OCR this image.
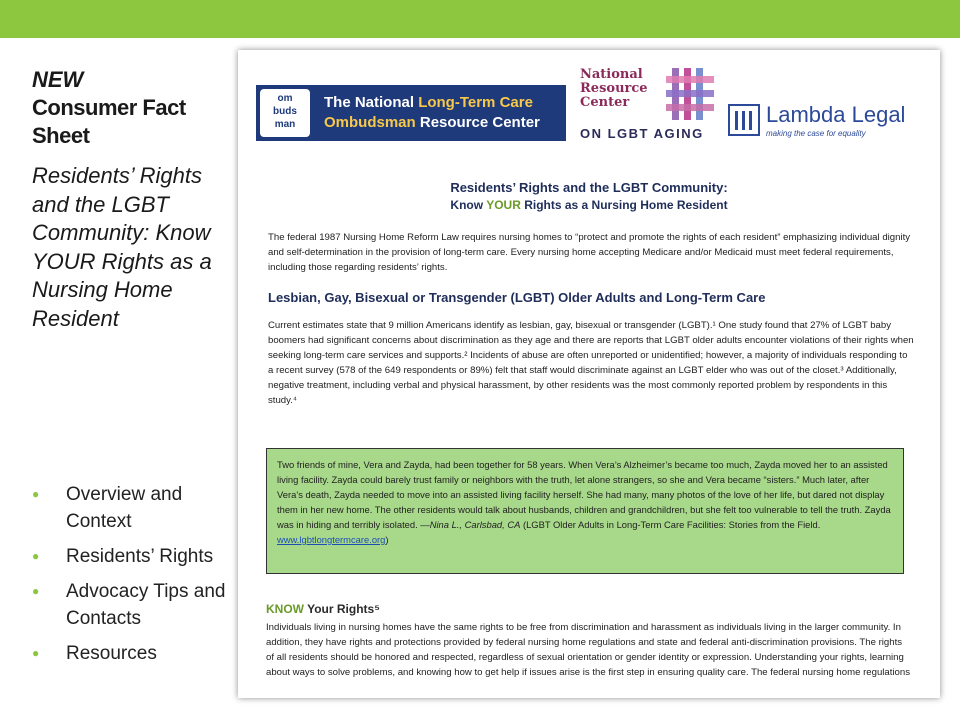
NEW
Consumer Fact Sheet
Residents’ Rights and the LGBT Community: Know YOUR Rights as a Nursing Home Resident
● Overview and Context
● Residents’ Rights
● Advocacy Tips and Contacts
● Resources
om
buds
man
The National Long-Term Care
Ombudsman Resource Center
National
Resource
Center
ON LGBT AGING
Lambda Legal
making the case for equality
Residents’ Rights and the LGBT Community:
Know YOUR Rights as a Nursing Home Resident

The federal 1987 Nursing Home Reform Law requires nursing homes to “protect and promote the rights of each resident” emphasizing individual dignity and self-determination in the provision of long-term care. Every nursing home accepting Medicare and/or Medicaid must meet federal requirements, including those regarding residents’ rights.

Lesbian, Gay, Bisexual or Transgender (LGBT) Older Adults and Long-Term Care

Current estimates state that 9 million Americans identify as lesbian, gay, bisexual or transgender (LGBT).¹ One study found that 27% of LGBT baby boomers had significant concerns about discrimination as they age and there are reports that LGBT older adults encounter violations of their rights when seeking long-term care services and supports.² Incidents of abuse are often unreported or unidentified; however, a majority of individuals responding to a recent survey (578 of the 649 respondents or 89%) felt that staff would discriminate against an LGBT elder who was out of the closet.³ Additionally, negative treatment, including verbal and physical harassment, by other residents was the most commonly reported problem by respondents in this study.⁴

Two friends of mine, Vera and Zayda, had been together for 58 years. When Vera’s Alzheimer’s became too much, Zayda moved her to an assisted living facility. Zayda could barely trust family or neighbors with the truth, let alone strangers, so she and Vera became “sisters.” Much later, after Vera’s death, Zayda needed to move into an assisted living facility herself. She had many, many photos of the love of her life, but dared not display them in her new home. The other residents would talk about husbands, children and grandchildren, but she felt too vulnerable to tell the truth. Zayda was in hiding and terribly isolated. —Nina L., Carlsbad, CA (LGBT Older Adults in Long-Term Care Facilities: Stories from the Field. www.lgbtlongtermcare.org)
KNOW Your Rights⁵

Individuals living in nursing homes have the same rights to be free from discrimination and harassment as individuals living in the larger community. In addition, they have rights and protections provided by federal nursing home regulations and state and federal anti-discrimination provisions. The rights of all residents should be honored and respected, regardless of sexual orientation or gender identity or expression. Understanding your rights, learning about ways to solve problems, and knowing how to get help if issues arise is the first step in ensuring quality care. The federal nursing home regulations
